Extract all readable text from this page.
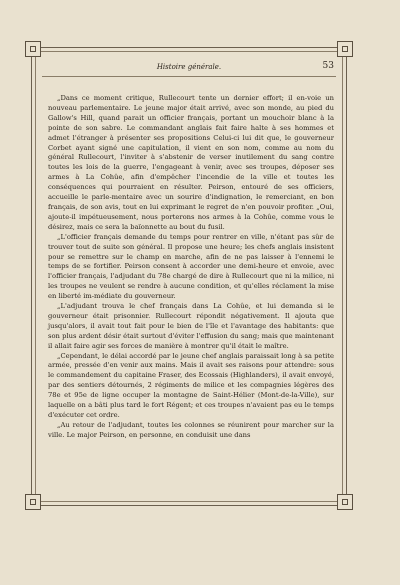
Histoire générale.	53

„Dans ce moment critique, Rullecourt tente un dernier effort; il en-voie un nouveau parlementaire. Le jeune major était arrivé, avec son monde, au pied du Gallow's Hill, quand parait un officier français, portant un mouchoir blanc à la pointe de son sabre. Le commandant anglais fait faire halte à ses hommes et admet l'étranger à présenter ses propositions Celui-ci lui dit que, le gouverneur Corbet ayant signé une capitulation, il vient en son nom, comme au nom du général Rullecourt, l'inviter à s'abstenir de verser inutilement du sang contre toutes les lois de la guerre, l'engageant à venir, avec ses troupes, déposer ses armes à La Cohûe, afin d'empêcher l'incendie de la ville et toutes les conséquences qui pourraient en résulter. Peirson, entouré de ses officiers, accueille le parle-mentaire avec un sourire d'indignation, le remerciant, en bon français, de son avis, tout en lui exprimant le regret de n'en pouvoir profiter. „Oui, ajoute-il impétueusement, nous porterons nos armes à la Cohûe, comme vous le désirez, mais ce sera la baïonnette au bout du fusil.

„L'officier français demande du temps pour rentrer en ville, n'étant pas sûr de trouver tout de suite son général. Il propose une heure; les chefs anglais insistent pour se remettre sur le champ en marche, afin de ne pas laisser à l'ennemi le temps de se fortifier. Peirson consent à accorder une demi-heure et envoie, avec l'officier français, l'adjudant du 78e chargé de dire à Rullecourt que ni la milice, ni les troupes ne veulent se rendre à aucune condition, et qu'elles réclament la mise en liberté im-médiate du gouverneur.

„L'adjudant trouva le chef français dans La Cohûe, et lui demanda si le gouverneur était prisonnier. Rullecourt répondit négativement. Il ajouta que jusqu'alors, il avait tout fait pour le bien de l'île et l'avantage des habitants: que son plus ardent désir était surtout d'éviter l'effusion du sang; mais que maintenant il allait faire agir ses forces de manière à montrer qu'il était le maître.

„Cependant, le délai accordé par le jeune chef anglais paraissait long à sa petite armée, pressée d'en venir aux mains. Mais il avait ses raisons pour attendre: sous le commandement du capitaine Fraser, des Ecossais (Highlanders), il avait envoyé, par des sentiers détournés, 2 régiments de milice et les compagnies légères des 78e et 95e de ligne occuper la montagne de Saint-Hélier (Mont-de-la-Ville), sur laquelle on a bâti plus tard le fort Régent; et ces troupes n'avaient pas eu le temps d'exécuter cet ordre.

„Au retour de l'adjudant, toutes les colonnes se réunirent pour marcher sur la ville. Le major Peirson, en personne, en conduisit une dans
